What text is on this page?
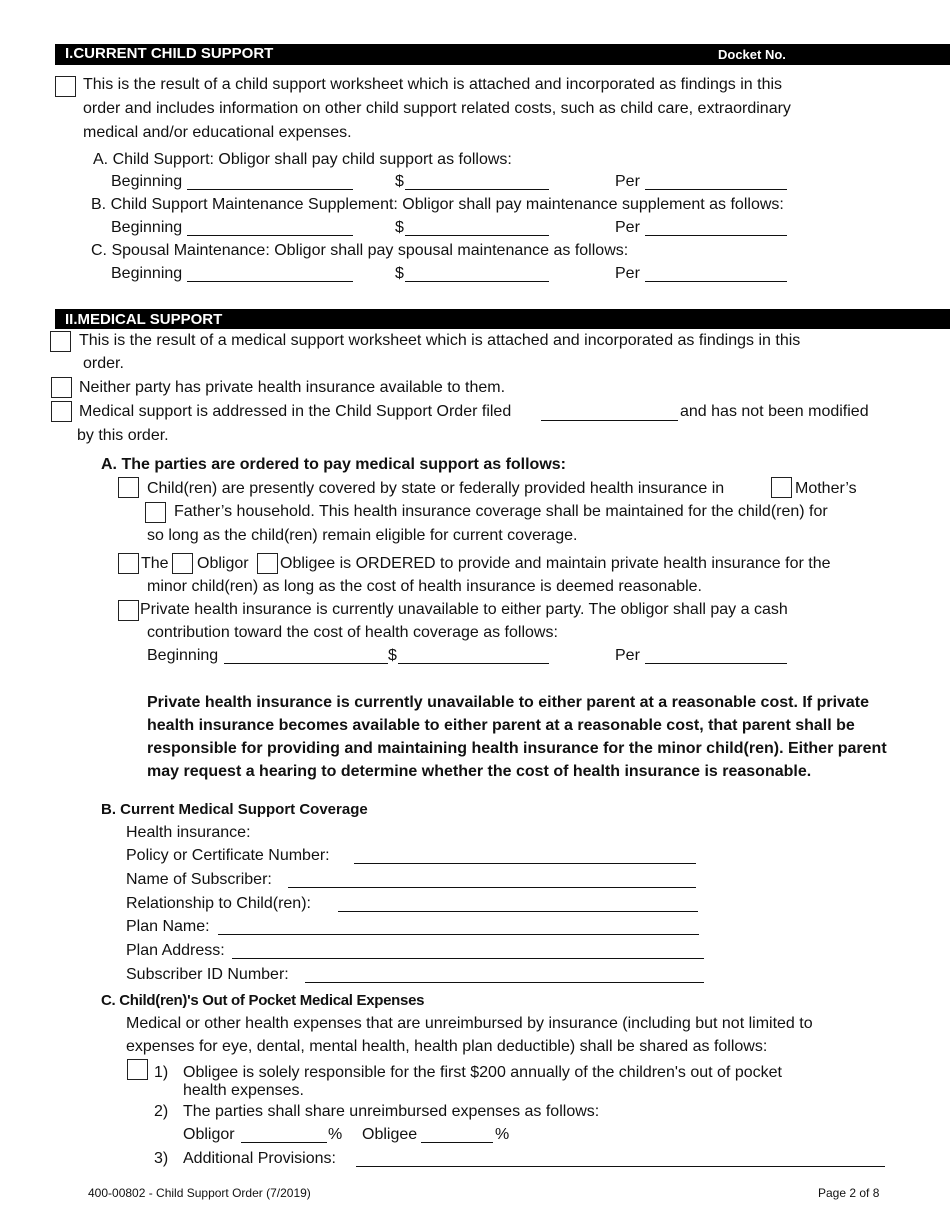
I.CURRENT CHILD SUPPORT	Docket No.
This is the result of a child support worksheet which is attached and incorporated as findings in this
order and includes information on other child support related costs, such as child care, extraordinary
medical and/or educational expenses.
A. Child Support: Obligor shall pay child support as follows:
Beginning	$	Per
B. Child Support Maintenance Supplement: Obligor shall pay maintenance supplement as follows:
Beginning	$	Per
C. Spousal Maintenance: Obligor shall pay spousal maintenance as follows:
Beginning	$	Per
II.MEDICAL SUPPORT
This is the result of a medical support worksheet which is attached and incorporated as findings in this
order.
Neither party has private health insurance available to them.
Medical support is addressed in the Child Support Order filed	and has not been modified
by this order.
A. The parties are ordered to pay medical support as follows:
Child(ren) are presently covered by state or federally provided health insurance in	Mother’s
Father’s household. This health insurance coverage shall be maintained for the child(ren) for
so long as the child(ren) remain eligible for current coverage.
The Obligor Obligee is ORDERED to provide and maintain private health insurance for the
minor child(ren) as long as the cost of health insurance is deemed reasonable.
Private health insurance is currently unavailable to either party. The obligor shall pay a cash
contribution toward the cost of health coverage as follows:
Beginning	$	Per
Private health insurance is currently unavailable to either parent at a reasonable cost. If private health insurance becomes available to either parent at a reasonable cost, that parent shall be responsible for providing and maintaining health insurance for the minor child(ren). Either parent may request a hearing to determine whether the cost of health insurance is reasonable.
B. Current Medical Support Coverage
Health insurance:
Policy or Certificate Number:
Name of Subscriber:
Relationship to Child(ren):
Plan Name:
Plan Address:
Subscriber ID Number:
C. Child(ren)'s Out of Pocket Medical Expenses
Medical or other health expenses that are unreimbursed by insurance (including but not limited to
expenses for eye, dental, mental health, health plan deductible) shall be shared as follows:
1) Obligee is solely responsible for the first $200 annually of the children's out of pocket
health expenses.
2) The parties shall share unreimbursed expenses as follows:
Obligor	% Obligee	%
3) Additional Provisions:
400-00802 - Child Support Order (7/2019)	Page 2 of 8
